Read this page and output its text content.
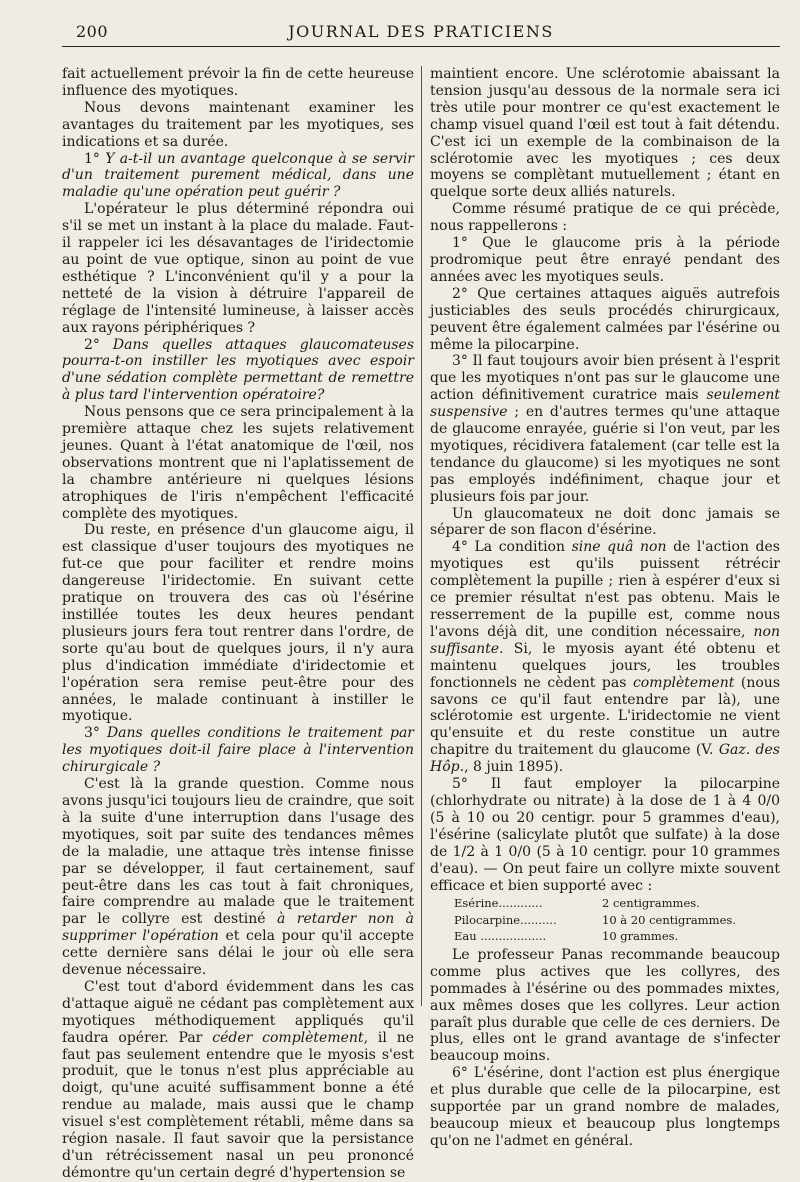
200	JOURNAL DES PRATICIENS

fait actuellement prévoir la fin de cette heureuse influence des myotiques.

Nous devons maintenant examiner les avantages du traitement par les myotiques, ses indications et sa durée.

1° Y a-t-il un avantage quelconque à se servir d'un traitement purement médical, dans une maladie qu'une opération peut guérir ?

L'opérateur le plus déterminé répondra oui s'il se met un instant à la place du malade. Faut-il rappeler ici les désavantages de l'iridectomie au point de vue optique, sinon au point de vue esthétique ? L'inconvénient qu'il y a pour la netteté de la vision à détruire l'appareil de réglage de l'intensité lumineuse, à laisser accès aux rayons périphériques ?

2° Dans quelles attaques glaucomateuses pourra-t-on instiller les myotiques avec espoir d'une sédation complète permettant de remettre à plus tard l'intervention opératoire?

Nous pensons que ce sera principalement à la première attaque chez les sujets relativement jeunes. Quant à l'état anatomique de l'œil, nos observations montrent que ni l'aplatissement de la chambre antérieure ni quelques lésions atrophiques de l'iris n'empêchent l'efficacité complète des myotiques.

Du reste, en présence d'un glaucome aigu, il est classique d'user toujours des myotiques ne fut-ce que pour faciliter et rendre moins dangereuse l'iridectomie. En suivant cette pratique on trouvera des cas où l'ésérine instillée toutes les deux heures pendant plusieurs jours fera tout rentrer dans l'ordre, de sorte qu'au bout de quelques jours, il n'y aura plus d'indication immédiate d'iridectomie et l'opération sera remise peut-être pour des années, le malade continuant à instiller le myotique.

3° Dans quelles conditions le traitement par les myotiques doit-il faire place à l'intervention chirurgicale ?

C'est là la grande question. Comme nous avons jusqu'ici toujours lieu de craindre, que soit à la suite d'une interruption dans l'usage des myotiques, soit par suite des tendances mêmes de la maladie, une attaque très intense finisse par se développer, il faut certainement, sauf peut-être dans les cas tout à fait chroniques, faire comprendre au malade que le traitement par le collyre est destiné à retarder non à supprimer l'opération et cela pour qu'il accepte cette dernière sans délai le jour où elle sera devenue nécessaire.

C'est tout d'abord évidemment dans les cas d'attaque aiguë ne cédant pas complètement aux myotiques méthodiquement appliqués qu'il faudra opérer. Par céder complètement, il ne faut pas seulement entendre que le myosis s'est produit, que le tonus n'est plus appréciable au doigt, qu'une acuité suffisamment bonne a été rendue au malade, mais aussi que le champ visuel s'est complètement rétabli, même dans sa région nasale. Il faut savoir que la persistance d'un rétrécissement nasal un peu prononcé démontre qu'un certain degré d'hypertension se

maintient encore. Une sclérotomie abaissant la tension jusqu'au dessous de la normale sera ici très utile pour montrer ce qu'est exactement le champ visuel quand l'œil est tout à fait détendu. C'est ici un exemple de la combinaison de la sclérotomie avec les myotiques ; ces deux moyens se complètant mutuellement ; étant en quelque sorte deux alliés naturels.

Comme résumé pratique de ce qui précède, nous rappellerons :

1° Que le glaucome pris à la période prodromique peut être enrayé pendant des années avec les myotiques seuls.

2° Que certaines attaques aiguës autrefois justiciables des seuls procédés chirurgicaux, peuvent être également calmées par l'ésérine ou même la pilocarpine.

3° Il faut toujours avoir bien présent à l'esprit que les myotiques n'ont pas sur le glaucome une action définitivement curatrice mais seulement suspensive ; en d'autres termes qu'une attaque de glaucome enrayée, guérie si l'on veut, par les myotiques, récidivera fatalement (car telle est la tendance du glaucome) si les myotiques ne sont pas employés indéfiniment, chaque jour et plusieurs fois par jour.

Un glaucomateux ne doit donc jamais se séparer de son flacon d'ésérine.

4° La condition sine quâ non de l'action des myotiques est qu'ils puissent rétrécir complètement la pupille ; rien à espérer d'eux si ce premier résultat n'est pas obtenu. Mais le resserrement de la pupille est, comme nous l'avons déjà dit, une condition nécessaire, non suffisante. Si, le myosis ayant été obtenu et maintenu quelques jours, les troubles fonctionnels ne cèdent pas complètement (nous savons ce qu'il faut entendre par là), une sclérotomie est urgente. L'iridectomie ne vient qu'ensuite et du reste constitue un autre chapitre du traitement du glaucome (V. Gaz. des Hôp., 8 juin 1895).

5° Il faut employer la pilocarpine (chlorhydrate ou nitrate) à la dose de 1 à 4 0/0 (5 à 10 ou 20 centigr. pour 5 grammes d'eau), l'ésérine (salicylate plutôt que sulfate) à la dose de 1/2 à 1 0/0 (5 à 10 centigr. pour 10 grammes d'eau). — On peut faire un collyre mixte souvent efficace et bien supporté avec :

Esérine............	2 centigrammes.
Pilocarpine..........	10 à 20 centigrammes.
Eau ..................	10 grammes.

Le professeur Panas recommande beaucoup comme plus actives que les collyres, des pommades à l'ésérine ou des pommades mixtes, aux mêmes doses que les collyres. Leur action paraît plus durable que celle de ces derniers. De plus, elles ont le grand avantage de s'infecter beaucoup moins.

6° L'ésérine, dont l'action est plus énergique et plus durable que celle de la pilocarpine, est supportée par un grand nombre de malades, beaucoup mieux et beaucoup plus longtemps qu'on ne l'admet en général.
